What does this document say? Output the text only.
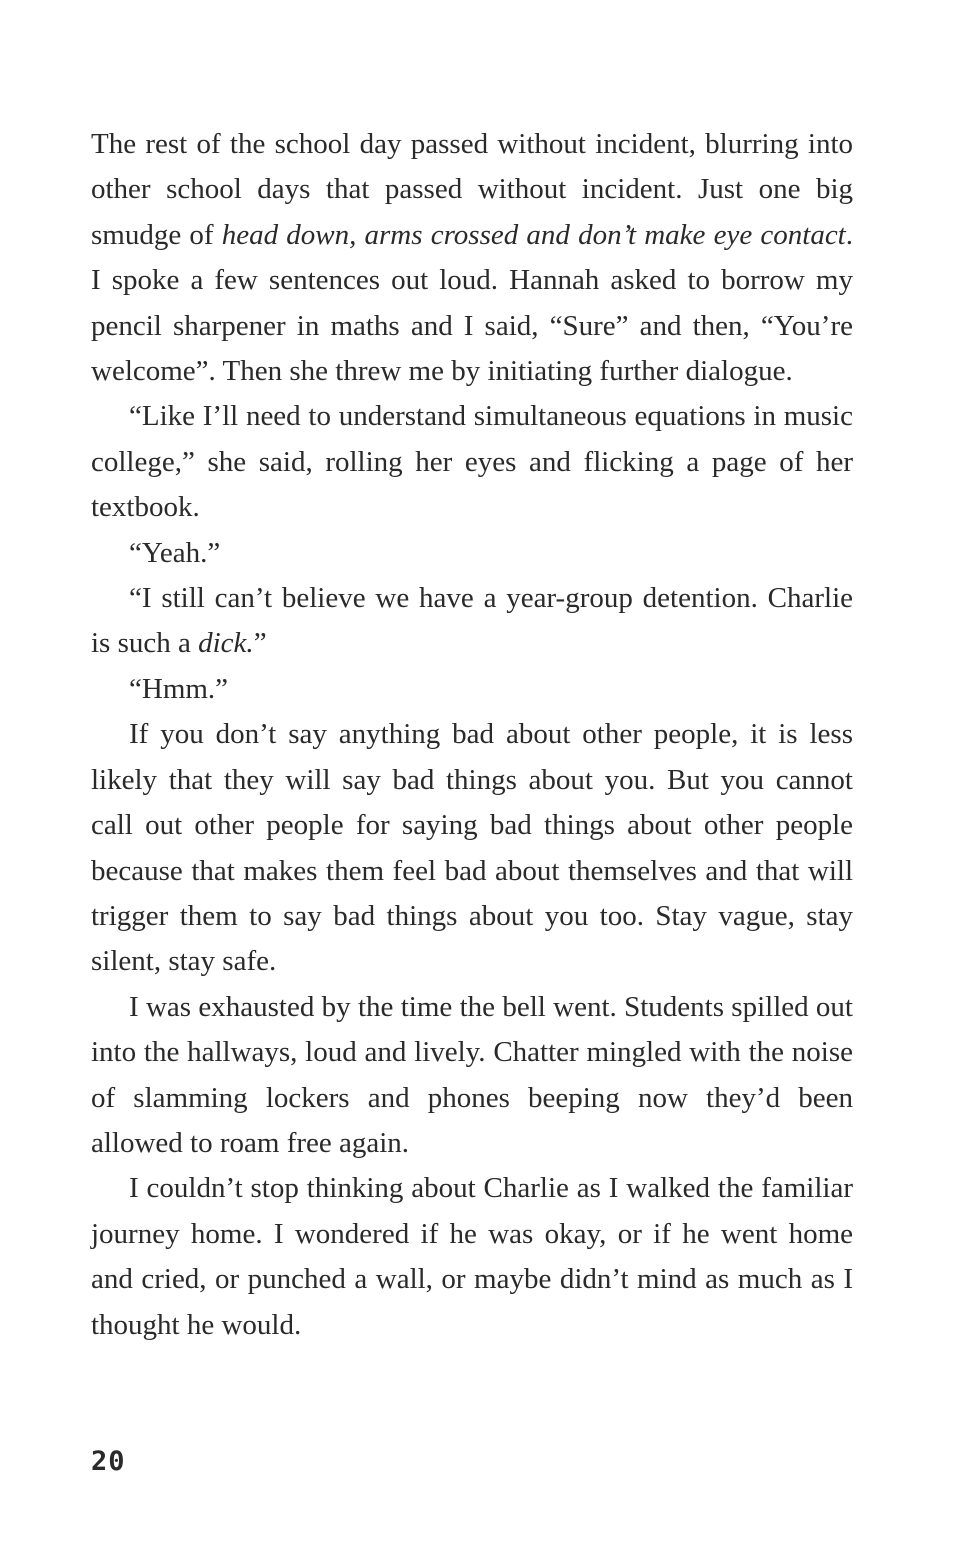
The rest of the school day passed without incident, blurring into other school days that passed without incident. Just one big smudge of head down, arms crossed and don’t make eye contact. I spoke a few sentences out loud. Hannah asked to borrow my pencil sharpener in maths and I said, “Sure” and then, “You’re welcome”. Then she threw me by initiating further dialogue.

“Like I’ll need to understand simultaneous equations in music college,” she said, rolling her eyes and flicking a page of her textbook.

“Yeah.”

“I still can’t believe we have a year-group detention. Charlie is such a dick.”

“Hmm.”

If you don’t say anything bad about other people, it is less likely that they will say bad things about you. But you cannot call out other people for saying bad things about other people because that makes them feel bad about themselves and that will trigger them to say bad things about you too. Stay vague, stay silent, stay safe.

I was exhausted by the time the bell went. Students spilled out into the hallways, loud and lively. Chatter mingled with the noise of slamming lockers and phones beeping now they’d been allowed to roam free again.

I couldn’t stop thinking about Charlie as I walked the familiar journey home. I wondered if he was okay, or if he went home and cried, or punched a wall, or maybe didn’t mind as much as I thought he would.

20
